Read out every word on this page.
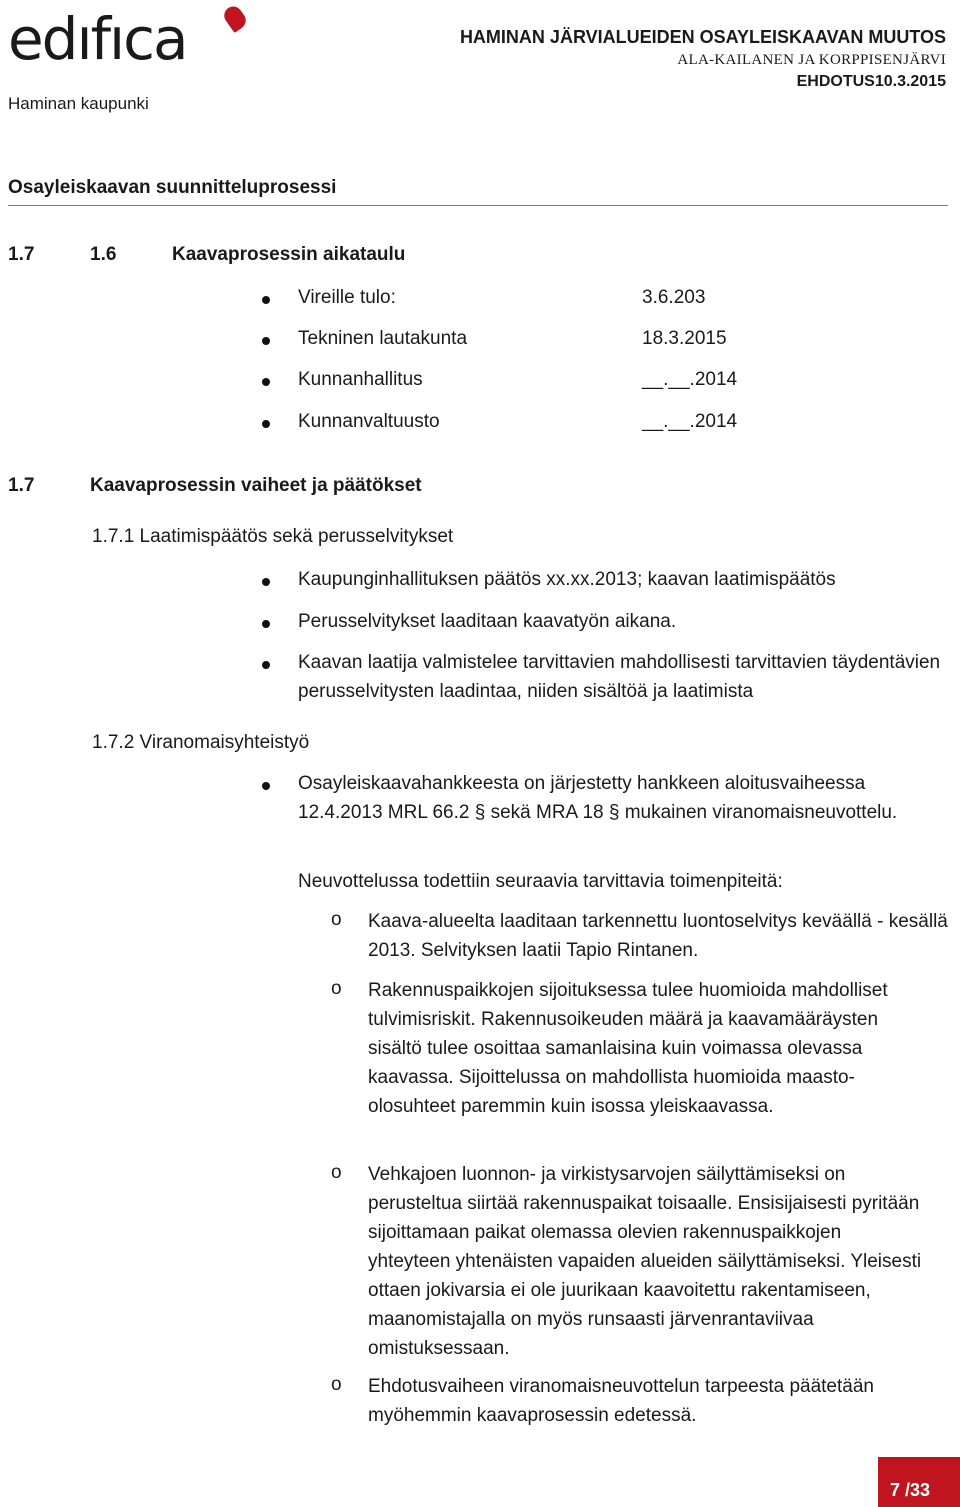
edıfıca
Haminan kaupunki
HAMINAN JÄRVIALUEIDEN OSAYLEISKAAVAN MUUTOS
ALA-KAILANEN JA KORPPISENJÄRVI
EHDOTUS10.3.2015
Osayleiskaavan suunnitteluprosessi
1.7	1.6	Kaavaprosessin aikataulu
Vireille tulo:	3.6.203
Tekninen lautakunta	18.3.2015
Kunnanhallitus	__.__.2014
Kunnanvaltuusto	__.__.2014
1.7	Kaavaprosessin vaiheet ja päätökset
1.7.1 Laatimispäätös sekä perusselvitykset
Kaupunginhallituksen päätös xx.xx.2013; kaavan laatimispäätös
Perusselvitykset laaditaan kaavatyön aikana.
Kaavan laatija valmistelee tarvittavien mahdollisesti tarvittavien täydentävien perusselvitysten laadintaa, niiden sisältöä ja laatimista
1.7.2 Viranomaisyhteistyö
Osayleiskaavahankkeesta on järjestetty hankkeen aloitusvaiheessa 12.4.2013 MRL 66.2 § sekä MRA 18 § mukainen viranomaisneuvottelu.
Neuvottelussa todettiin seuraavia tarvittavia toimenpiteitä:
o Kaava-alueelta laaditaan tarkennettu luontoselvitys keväällä - kesällä 2013. Selvityksen laatii Tapio Rintanen.
o Rakennuspaikkojen sijoituksessa tulee huomioida mahdolliset tulvimisriskit. Rakennusoikeuden määrä ja kaavamääräysten sisältö tulee osoittaa samanlaisina kuin voimassa olevassa kaavassa. Sijoittelussa on mahdollista huomioida maasto-olosuhteet paremmin kuin isossa yleiskaavassa.
o Vehkajoen luonnon- ja virkistysarvojen säilyttämiseksi on perusteltua siirtää rakennuspaikat toisaalle. Ensisijaisesti pyritään sijoittamaan paikat olemassa olevien rakennuspaikkojen yhteyteen yhtenäisten vapaiden alueiden säilyttämiseksi. Yleisesti ottaen jokivarsia ei ole juurikaan kaavoitettu rakentamiseen, maanomistajalla on myös runsaasti järvenrantaviivaa omistuksessaan.
o Ehdotusvaiheen viranomaisneuvottelun tarpeesta päätetään myöhemmin kaavaprosessin edetessä.
7 /33
